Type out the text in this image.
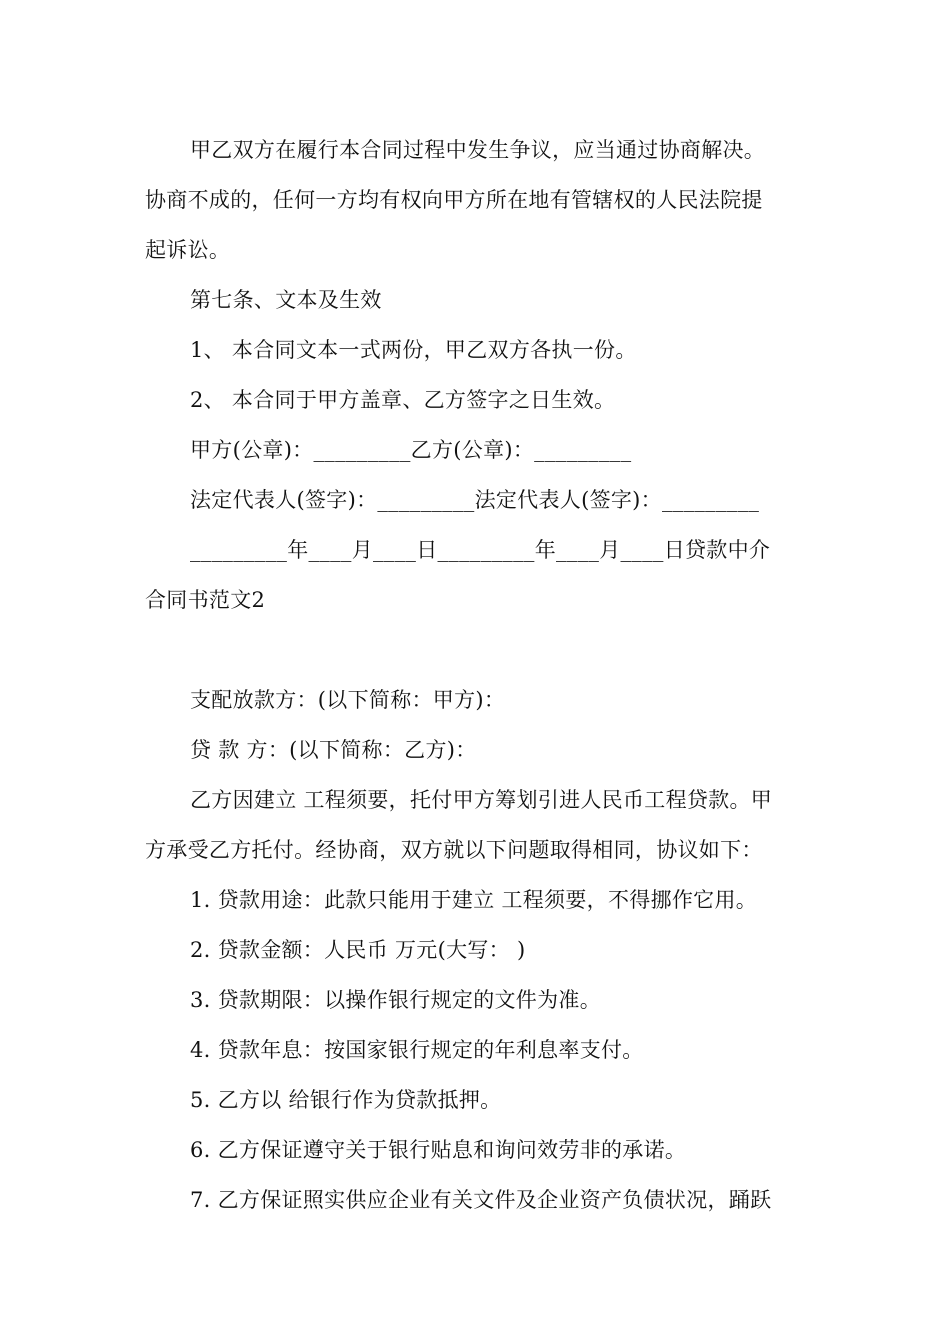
甲乙双方在履行本合同过程中发生争议，应当通过协商解决。
协商不成的，任何一方均有权向甲方所在地有管辖权的人民法院提
起诉讼。
第七条、文本及生效
1、 本合同文本一式两份，甲乙双方各执一份。
2、 本合同于甲方盖章、乙方签字之日生效。
甲方(公章)：_________乙方(公章)：_________
法定代表人(签字)：_________法定代表人(签字)：_________
_________年____月____日_________年____月____日贷款中介
合同书范文2
支配放款方：(以下简称：甲方)：
贷 款 方：(以下简称：乙方)：
乙方因建立 工程须要，托付甲方筹划引进人民币工程贷款。甲
方承受乙方托付。经协商，双方就以下问题取得相同，协议如下：
1. 贷款用途：此款只能用于建立 工程须要，不得挪作它用。
2. 贷款金额：人民币 万元(大写： )
3. 贷款期限：以操作银行规定的文件为准。
4. 贷款年息：按国家银行规定的年利息率支付。
5. 乙方以 给银行作为贷款抵押。
6. 乙方保证遵守关于银行贴息和询问效劳非的承诺。
7. 乙方保证照实供应企业有关文件及企业资产负债状况，踊跃
